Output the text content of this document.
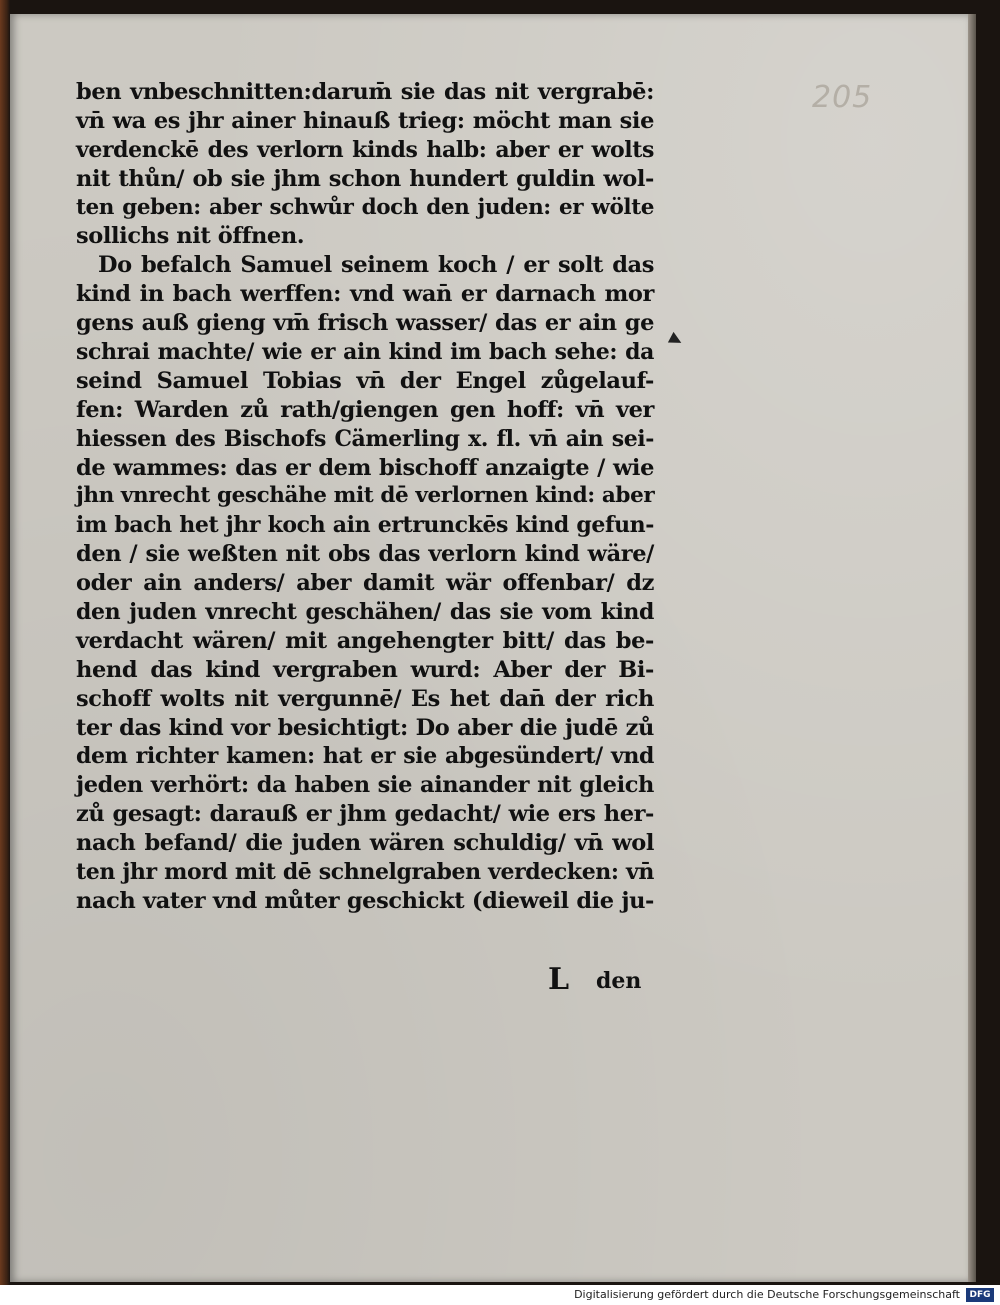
205
ben vnbeschnitten:darum̄ sie das nit vergrabē:
vn̄ wa es jhr ainer hinauß trieg: möcht man sie
verdenckē des verlorn kinds halb: aber er wolts
nit thůn/ ob sie jhm schon hundert guldin wol-
ten geben: aber schwůr doch den juden: er wölte
sollichs nit öffnen.
Do befalch Samuel seinem koch / er solt das
kind in bach werffen: vnd wan̄ er darnach mor
gens auß gieng vm̄ frisch wasser/ das er ain ge
schrai machte/ wie er ain kind im bach sehe: da
seind Samuel Tobias vn̄ der Engel zůgelauf-
fen: Warden zů rath/giengen gen hoff: vn̄ ver
hiessen des Bischofs Cämerling x. fl. vn̄ ain sei-
de wammes: das er dem bischoff anzaigte / wie
jhn vnrecht geschähe mit dē verlornen kind: aber
im bach het jhr koch ain ertrunckēs kind gefun-
den / sie weßten nit obs das verlorn kind wäre/
oder ain anders/ aber damit wär offenbar/ dz
den juden vnrecht geschähen/ das sie vom kind
verdacht wären/ mit angehengter bitt/ das be-
hend das kind vergraben wurd: Aber der Bi-
schoff wolts nit vergunnē/ Es het dan̄ der rich
ter das kind vor besichtigt: Do aber die judē zů
dem richter kamen: hat er sie abgesündert/ vnd
jeden verhört: da haben sie ainander nit gleich
zů gesagt: darauß er jhm gedacht/ wie ers her-
nach befand/ die juden wären schuldig/ vn̄ wol
ten jhr mord mit dē schnelgraben verdecken: vn̄
nach vater vnd můter geschickt (dieweil die ju-
L den
Digitalisierung gefördert durch die Deutsche Forschungsgemeinschaft	DFG
